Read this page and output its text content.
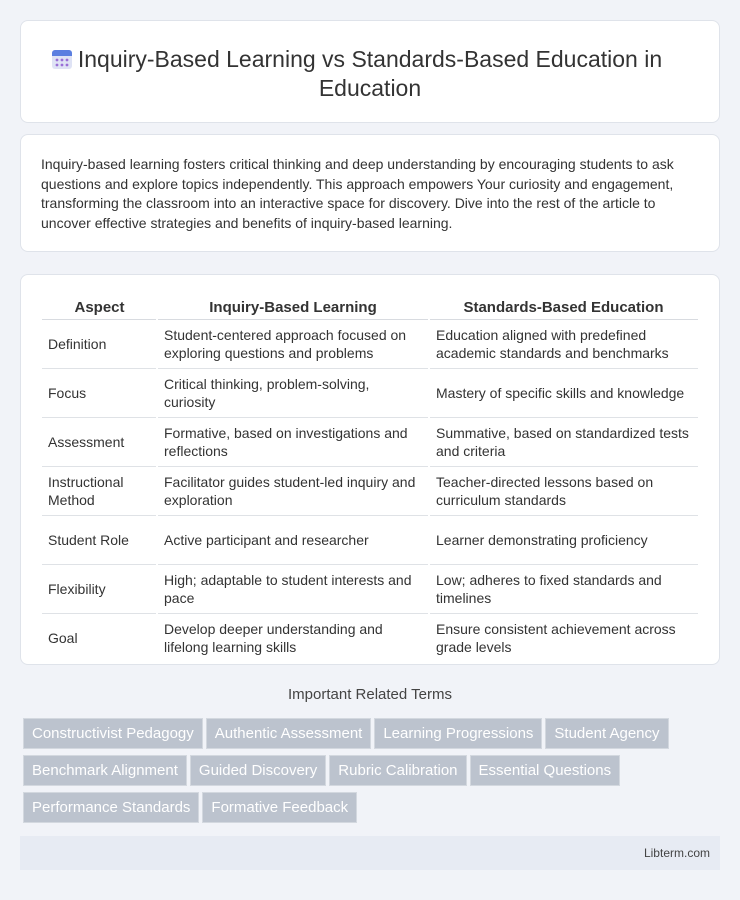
Inquiry-Based Learning vs Standards-Based Education in Education

Inquiry-based learning fosters critical thinking and deep understanding by encouraging students to ask questions and explore topics independently. This approach empowers Your curiosity and engagement, transforming the classroom into an interactive space for discovery. Dive into the rest of the article to uncover effective strategies and benefits of inquiry-based learning.

Aspect	Inquiry-Based Learning	Standards-Based Education
Definition	Student-centered approach focused on exploring questions and problems	Education aligned with predefined academic standards and benchmarks
Focus	Critical thinking, problem-solving, curiosity	Mastery of specific skills and knowledge
Assessment	Formative, based on investigations and reflections	Summative, based on standardized tests and criteria
Instructional Method	Facilitator guides student-led inquiry and exploration	Teacher-directed lessons based on curriculum standards
Student Role	Active participant and researcher	Learner demonstrating proficiency
Flexibility	High; adaptable to student interests and pace	Low; adheres to fixed standards and timelines
Goal	Develop deeper understanding and lifelong learning skills	Ensure consistent achievement across grade levels
Important Related Terms
Constructivist Pedagogy Authentic Assessment Learning Progressions Student AgencyBenchmark Alignment Guided Discovery Rubric Calibration Essential QuestionsPerformance Standards Formative Feedback
Libterm.com
